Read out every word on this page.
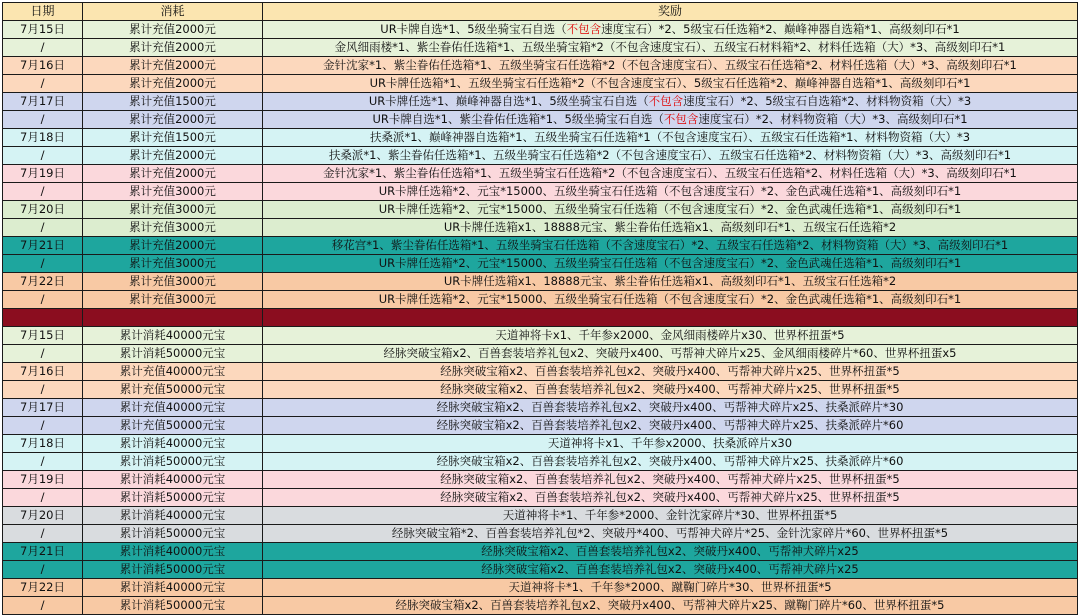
日期	消耗	奖励
7月15日	累计充值2000元	UR卡牌自选*1、5级坐骑宝石自选（不包含速度宝石）*2、5级宝石任选箱*2、巅峰神器自选箱*1、高级刻印石*1
/	累计充值2000元	金风细雨楼*1、紫尘眷佑任选箱*1、五级坐骑宝箱*2（不包含速度宝石）、五级宝石材料箱*2、材料任选箱（大）*3、高级刻印石*1
7月16日	累计充值2000元	金针沈家*1、紫尘眷佑任选箱*1、五级坐骑宝石任选箱*2（不包含速度宝石）、五级宝石任选箱*2、材料任选箱（大）*3、高级刻印石*1
/	累计充值2000元	UR卡牌任选箱*1、五级坐骑宝石任选箱*2（不包含速度宝石）、5级宝石任选箱*2、巅峰神器自选箱*1、高级刻印石*1
7月17日	累计充值1500元	UR卡牌任选*1、巅峰神器自选*1、5级坐骑宝石自选（不包含速度宝石）*2、5级宝石自选箱*2、材料物资箱（大）*3
/	累计充值2000元	UR卡牌自选*1、紫尘眷佑任选箱*1、5级坐骑宝石自选（不包含速度宝石）*2、材料物资箱（大）*3、高级刻印石*1
7月18日	累计充值1500元	扶桑派*1、巅峰神器自选箱*1、五级坐骑宝石任选箱*1（不包含速度宝石）、五级宝石任选箱*1、材料物资箱（大）*3
/	累计充值2000元	扶桑派*1、紫尘眷佑任选箱*1、五级坐骑宝石任选箱*2（不包含速度宝石）、五级宝石任选箱*2、材料物资箱（大）*3、高级刻印石*1
7月19日	累计充值2000元	金针沈家*1、紫尘眷佑任选箱*1、五级坐骑宝石任选箱*2（不包含速度宝石）、五级宝石任选箱*2、材料任选箱（大）*3、高级刻印石*1
/	累计充值3000元	UR卡牌任选箱*2、元宝*15000、五级坐骑宝石任选箱（不包含速度宝石）*2、金色武魂任选箱*1、高级刻印石*1
7月20日	累计充值3000元	UR卡牌任选箱*2、元宝*15000、五级坐骑宝石任选箱（不包含速度宝石）*2、金色武魂任选箱*1、高级刻印石*1
/	累计充值3000元	UR卡牌任选箱x1、18888元宝、紫尘眷佑任选箱x1、高级刻印石*1、五级宝石任选箱*2
7月21日	累计充值2000元	移花宫*1、紫尘眷佑任选箱*1、五级坐骑宝石任选箱（不含速度宝石）*2、五级宝石任选箱*2、材料物资箱（大）*3、高级刻印石*1
/	累计充值3000元	UR卡牌任选箱*2、元宝*15000、五级坐骑宝石任选箱（不包含速度宝石）*2、金色武魂任选箱*1、高级刻印石*1
7月22日	累计充值3000元	UR卡牌任选箱x1、18888元宝、紫尘眷佑任选箱x1、高级刻印石*1、五级宝石任选箱*2
/	累计充值3000元	UR卡牌任选箱*2、元宝*15000、五级坐骑宝石任选箱（不包含速度宝石）*2、金色武魂任选箱*1、高级刻印石*1

7月15日	累计消耗40000元宝	天道神将卡x1、千年参x2000、金风细雨楼碎片x30、世界杯扭蛋*5
/	累计消耗50000元宝	经脉突破宝箱x2、百兽套装培养礼包x2、突破丹x400、丐帮神犬碎片x25、金风细雨楼碎片*60、世界杯扭蛋x5
7月16日	累计充值40000元宝	经脉突破宝箱x2、百兽套装培养礼包x2、突破丹x400、丐帮神犬碎片x25、世界杯扭蛋*5
/	累计充值50000元宝	经脉突破宝箱x2、百兽套装培养礼包x2、突破丹x400、丐帮神犬碎片x25、世界杯扭蛋*5
7月17日	累计充值40000元宝	经脉突破宝箱x2、百兽套装培养礼包x2、突破丹x400、丐帮神犬碎片x25、扶桑派碎片*30
/	累计充值50000元宝	经脉突破宝箱x2、百兽套装培养礼包x2、突破丹x400、丐帮神犬碎片x25、扶桑派碎片*60
7月18日	累计消耗40000元宝	天道神将卡x1、千年参x2000、扶桑派碎片x30
/	累计消耗50000元宝	经脉突破宝箱x2、百兽套装培养礼包x2、突破丹x400、丐帮神犬碎片x25、扶桑派碎片*60
7月19日	累计消耗40000元宝	经脉突破宝箱x2、百兽套装培养礼包x2、突破丹x400、丐帮神犬碎片x25、世界杯扭蛋*5
/	累计消耗50000元宝	经脉突破宝箱x2、百兽套装培养礼包x2、突破丹x400、丐帮神犬碎片x25、世界杯扭蛋*5
7月20日	累计消耗40000元宝	天道神将卡*1、千年参*2000、金针沈家碎片*30、世界杯扭蛋*5
/	累计消耗50000元宝	经脉突破宝箱*2、百兽套装培养礼包*2、突破丹*400、丐帮神犬碎片*25、金针沈家碎片*60、世界杯扭蛋*5
7月21日	累计消耗40000元宝	经脉突破宝箱x2、百兽套装培养礼包x2、突破丹x400、丐帮神犬碎片x25
/	累计消耗50000元宝	经脉突破宝箱x2、百兽套装培养礼包x2、突破丹x400、丐帮神犬碎片x25
7月22日	累计消耗40000元宝	天道神将卡*1、千年参*2000、蹴鞠门碎片*30、世界杯扭蛋*5
/	累计消耗50000元宝	经脉突破宝箱x2、百兽套装培养礼包x2、突破丹x400、丐帮神犬碎片x25、蹴鞠门碎片*60、世界杯扭蛋*5
